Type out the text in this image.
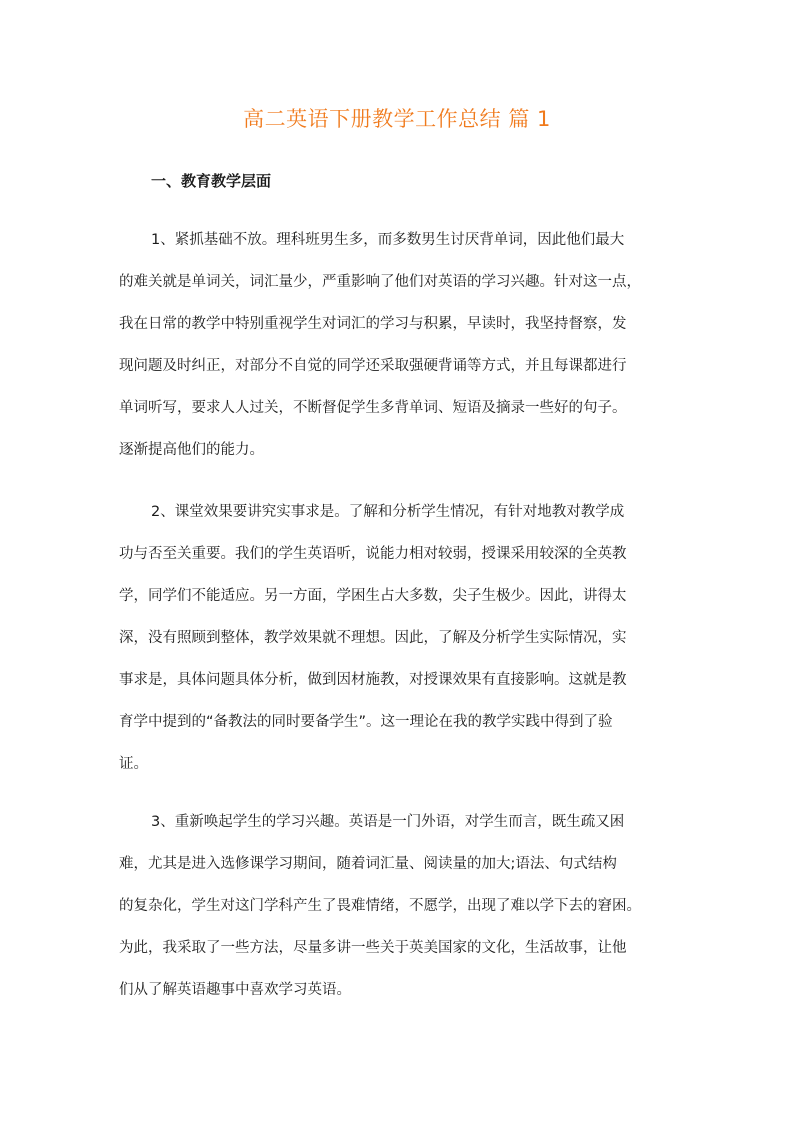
高二英语下册教学工作总结 篇 1
一、教育教学层面
1、紧抓基础不放。理科班男生多，而多数男生讨厌背单词，因此他们最大
的难关就是单词关，词汇量少，严重影响了他们对英语的学习兴趣。针对这一点，
我在日常的教学中特别重视学生对词汇的学习与积累，早读时，我坚持督察，发
现问题及时纠正，对部分不自觉的同学还采取强硬背诵等方式，并且每课都进行
单词听写，要求人人过关，不断督促学生多背单词、短语及摘录一些好的句子。
逐渐提高他们的能力。
2、课堂效果要讲究实事求是。了解和分析学生情况，有针对地教对教学成
功与否至关重要。我们的学生英语听，说能力相对较弱，授课采用较深的全英教
学，同学们不能适应。另一方面，学困生占大多数，尖子生极少。因此，讲得太
深，没有照顾到整体，教学效果就不理想。因此，了解及分析学生实际情况，实
事求是，具体问题具体分析，做到因材施教，对授课效果有直接影响。这就是教
育学中提到的“备教法的同时要备学生”。这一理论在我的教学实践中得到了验
证。
3、重新唤起学生的学习兴趣。英语是一门外语，对学生而言，既生疏又困
难，尤其是进入选修课学习期间，随着词汇量、阅读量的加大;语法、句式结构
的复杂化，学生对这门学科产生了畏难情绪，不愿学，出现了难以学下去的窘困。
为此，我采取了一些方法，尽量多讲一些关于英美国家的文化，生活故事，让他
们从了解英语趣事中喜欢学习英语。
